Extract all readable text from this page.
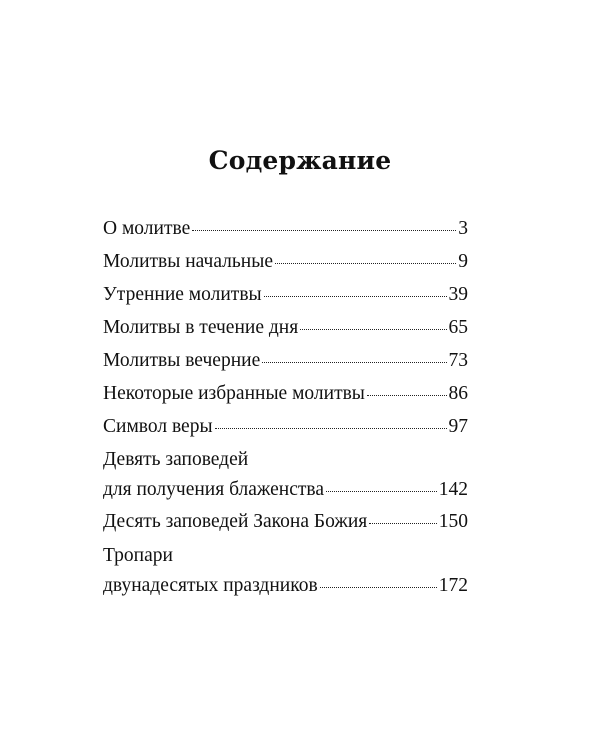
Содержание
О молитве	3
Молитвы начальные	9
Утренние молитвы	39
Молитвы в течение дня	65
Молитвы вечерние	73
Некоторые избранные молитвы	86
Символ веры	97
Девять заповедей
для получения блаженства	142
Десять заповедей Закона Божия	150
Тропари
двунадесятых праздников	172
